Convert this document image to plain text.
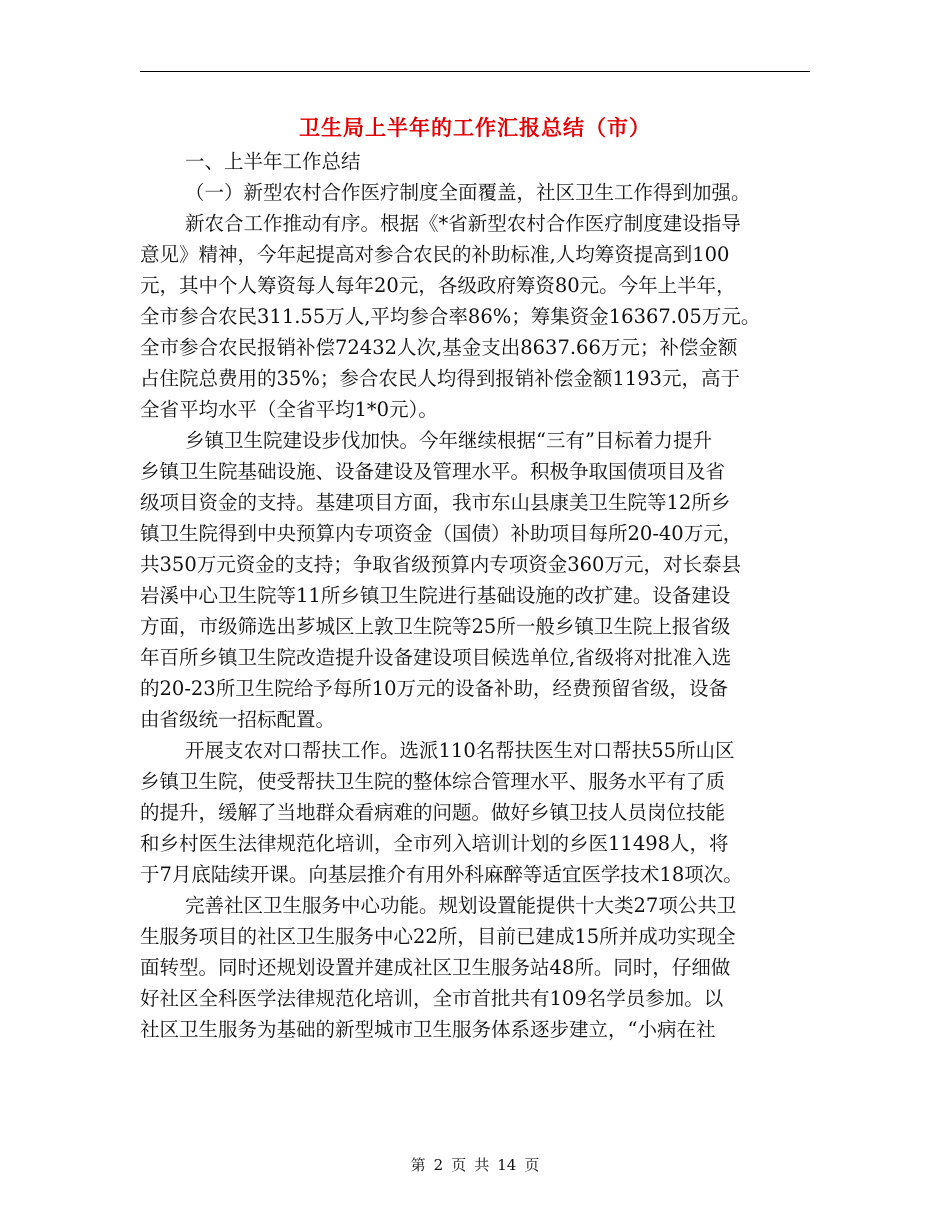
卫生局上半年的工作汇报总结（市）
一、上半年工作总结
（一）新型农村合作医疗制度全面覆盖，社区卫生工作得到加强。
新农合工作推动有序。根据《*省新型农村合作医疗制度建设指导
意见》精神，今年起提高对参合农民的补助标准,人均筹资提高到100
元，其中个人筹资每人每年20元，各级政府筹资80元。今年上半年，
全市参合农民311.55万人,平均参合率86%；筹集资金16367.05万元。
全市参合农民报销补偿72432人次,基金支出8637.66万元；补偿金额
占住院总费用的35%；参合农民人均得到报销补偿金额1193元，高于
全省平均水平（全省平均1*0元）。
乡镇卫生院建设步伐加快。今年继续根据“三有”目标着力提升
乡镇卫生院基础设施、设备建设及管理水平。积极争取国债项目及省
级项目资金的支持。基建项目方面，我市东山县康美卫生院等12所乡
镇卫生院得到中央预算内专项资金（国债）补助项目每所20-40万元，
共350万元资金的支持；争取省级预算内专项资金360万元，对长泰县
岩溪中心卫生院等11所乡镇卫生院进行基础设施的改扩建。设备建设
方面，市级筛选出芗城区上敦卫生院等25所一般乡镇卫生院上报省级
年百所乡镇卫生院改造提升设备建设项目候选单位,省级将对批准入选
的20-23所卫生院给予每所10万元的设备补助，经费预留省级，设备
由省级统一招标配置。
开展支农对口帮扶工作。选派110名帮扶医生对口帮扶55所山区
乡镇卫生院，使受帮扶卫生院的整体综合管理水平、服务水平有了质
的提升，缓解了当地群众看病难的问题。做好乡镇卫技人员岗位技能
和乡村医生法律规范化培训，全市列入培训计划的乡医11498人，将
于7月底陆续开课。向基层推介有用外科麻醉等适宜医学技术18项次。
完善社区卫生服务中心功能。规划设置能提供十大类27项公共卫
生服务项目的社区卫生服务中心22所，目前已建成15所并成功实现全
面转型。同时还规划设置并建成社区卫生服务站48所。同时，仔细做
好社区全科医学法律规范化培训，全市首批共有109名学员参加。以
社区卫生服务为基础的新型城市卫生服务体系逐步建立，“小病在社
第 2 页 共 14 页
